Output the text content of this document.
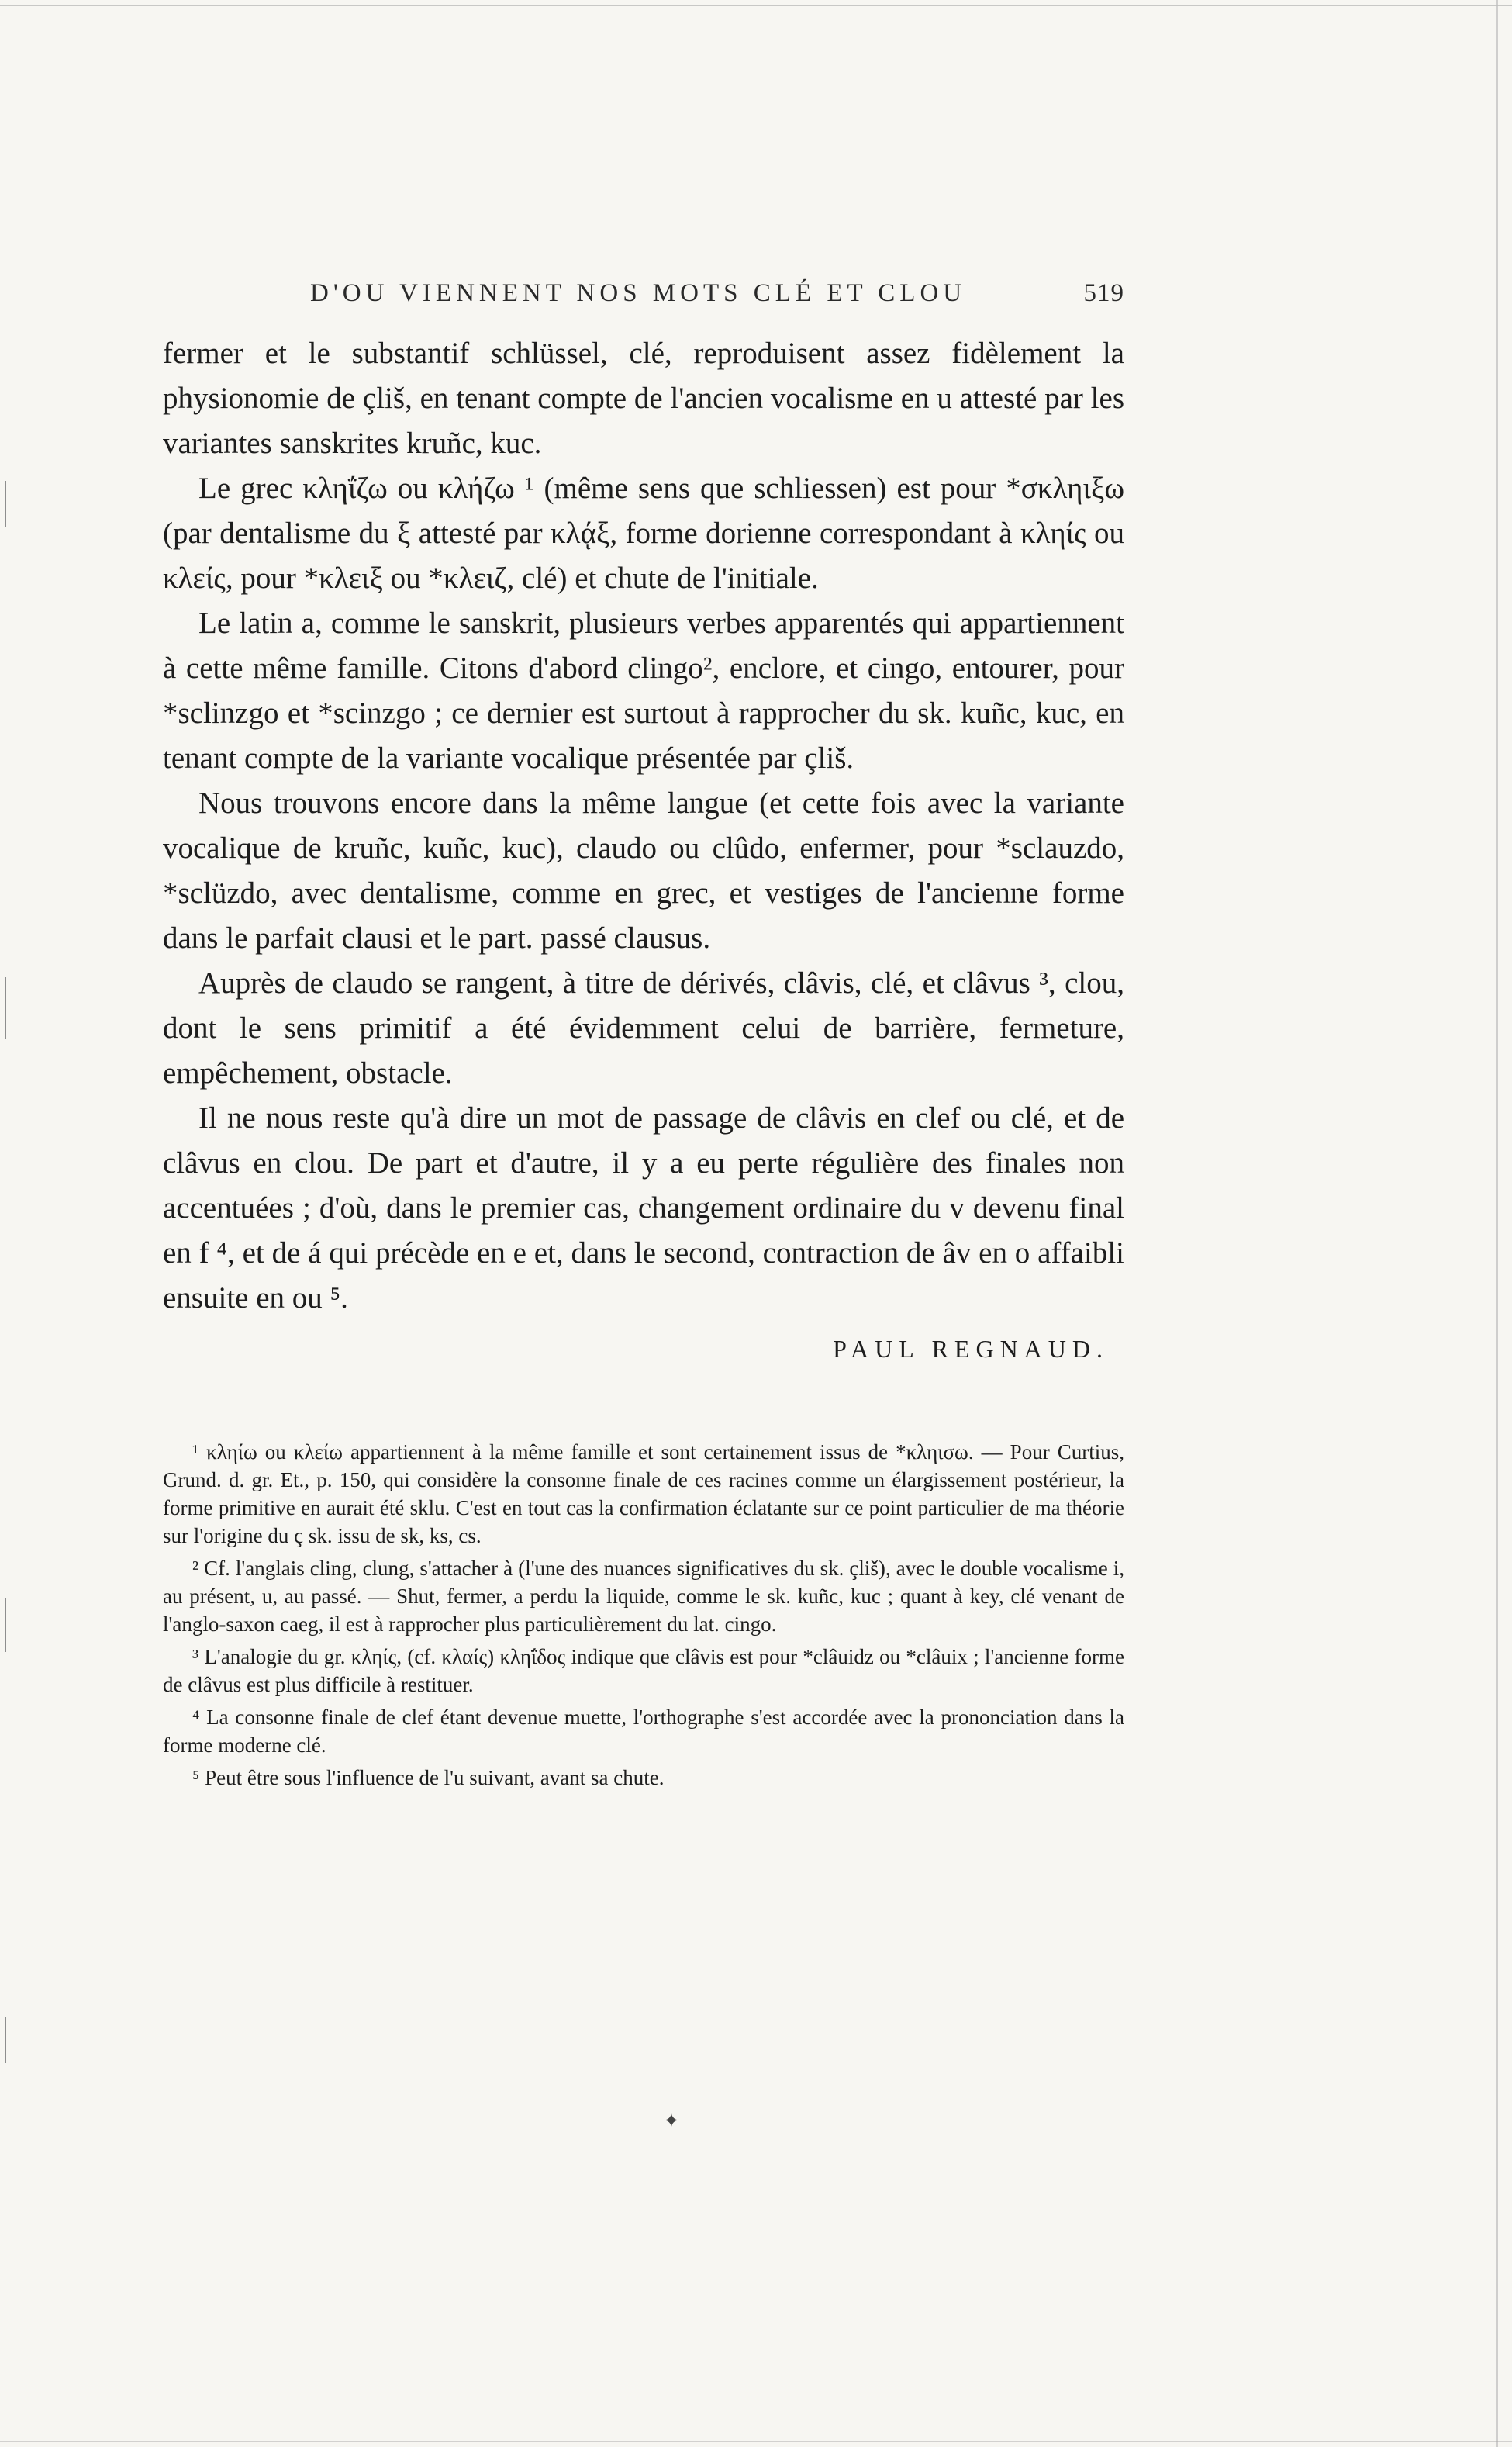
D'OU VIENNENT NOS MOTS CLÉ ET CLOU	519

fermer et le substantif schlüssel, clé, reproduisent assez fidèlement la physionomie de çliš, en tenant compte de l'ancien vocalisme en u attesté par les variantes sanskrites kruñc, kuc.

Le grec κληΐζω ou κλήζω ¹ (même sens que schliessen) est pour *σκληιξω (par dentalisme du ξ attesté par κλᾴξ, forme dorienne correspondant à κληίς ou κλείς, pour *κλειξ ou *κλειζ, clé) et chute de l'initiale.

Le latin a, comme le sanskrit, plusieurs verbes apparentés qui appartiennent à cette même famille. Citons d'abord clingo², enclore, et cingo, entourer, pour *sclinzgo et *scinzgo ; ce dernier est surtout à rapprocher du sk. kuñc, kuc, en tenant compte de la variante vocalique présentée par çliš.

Nous trouvons encore dans la même langue (et cette fois avec la variante vocalique de kruñc, kuñc, kuc), claudo ou clûdo, enfermer, pour *sclauzdo, *sclüzdo, avec dentalisme, comme en grec, et vestiges de l'ancienne forme dans le parfait clausi et le part. passé clausus.

Auprès de claudo se rangent, à titre de dérivés, clâvis, clé, et clâvus ³, clou, dont le sens primitif a été évidemment celui de barrière, fermeture, empêchement, obstacle.

Il ne nous reste qu'à dire un mot de passage de clâvis en clef ou clé, et de clâvus en clou. De part et d'autre, il y a eu perte régulière des finales non accentuées ; d'où, dans le premier cas, changement ordinaire du v devenu final en f ⁴, et de á qui précède en e et, dans le second, contraction de âv en o affaibli ensuite en ou ⁵.

PAUL REGNAUD.

¹ κληίω ou κλείω appartiennent à la même famille et sont certainement issus de *κληισω. — Pour Curtius, Grund. d. gr. Et., p. 150, qui considère la consonne finale de ces racines comme un élargissement postérieur, la forme primitive en aurait été sklu. C'est en tout cas la confirmation éclatante sur ce point particulier de ma théorie sur l'origine du ç sk. issu de sk, ks, cs.

² Cf. l'anglais cling, clung, s'attacher à (l'une des nuances significatives du sk. çliš), avec le double vocalisme i, au présent, u, au passé. — Shut, fermer, a perdu la liquide, comme le sk. kuñc, kuc ; quant à key, clé venant de l'anglo-saxon caeg, il est à rapprocher plus particulièrement du lat. cingo.

³ L'analogie du gr. κληίς, (cf. κλαίς) κληΐδος indique que clâvis est pour *clâuidz ou *clâuix ; l'ancienne forme de clâvus est plus difficile à restituer.

⁴ La consonne finale de clef étant devenue muette, l'orthographe s'est accordée avec la prononciation dans la forme moderne clé.

⁵ Peut être sous l'influence de l'u suivant, avant sa chute.

✦
